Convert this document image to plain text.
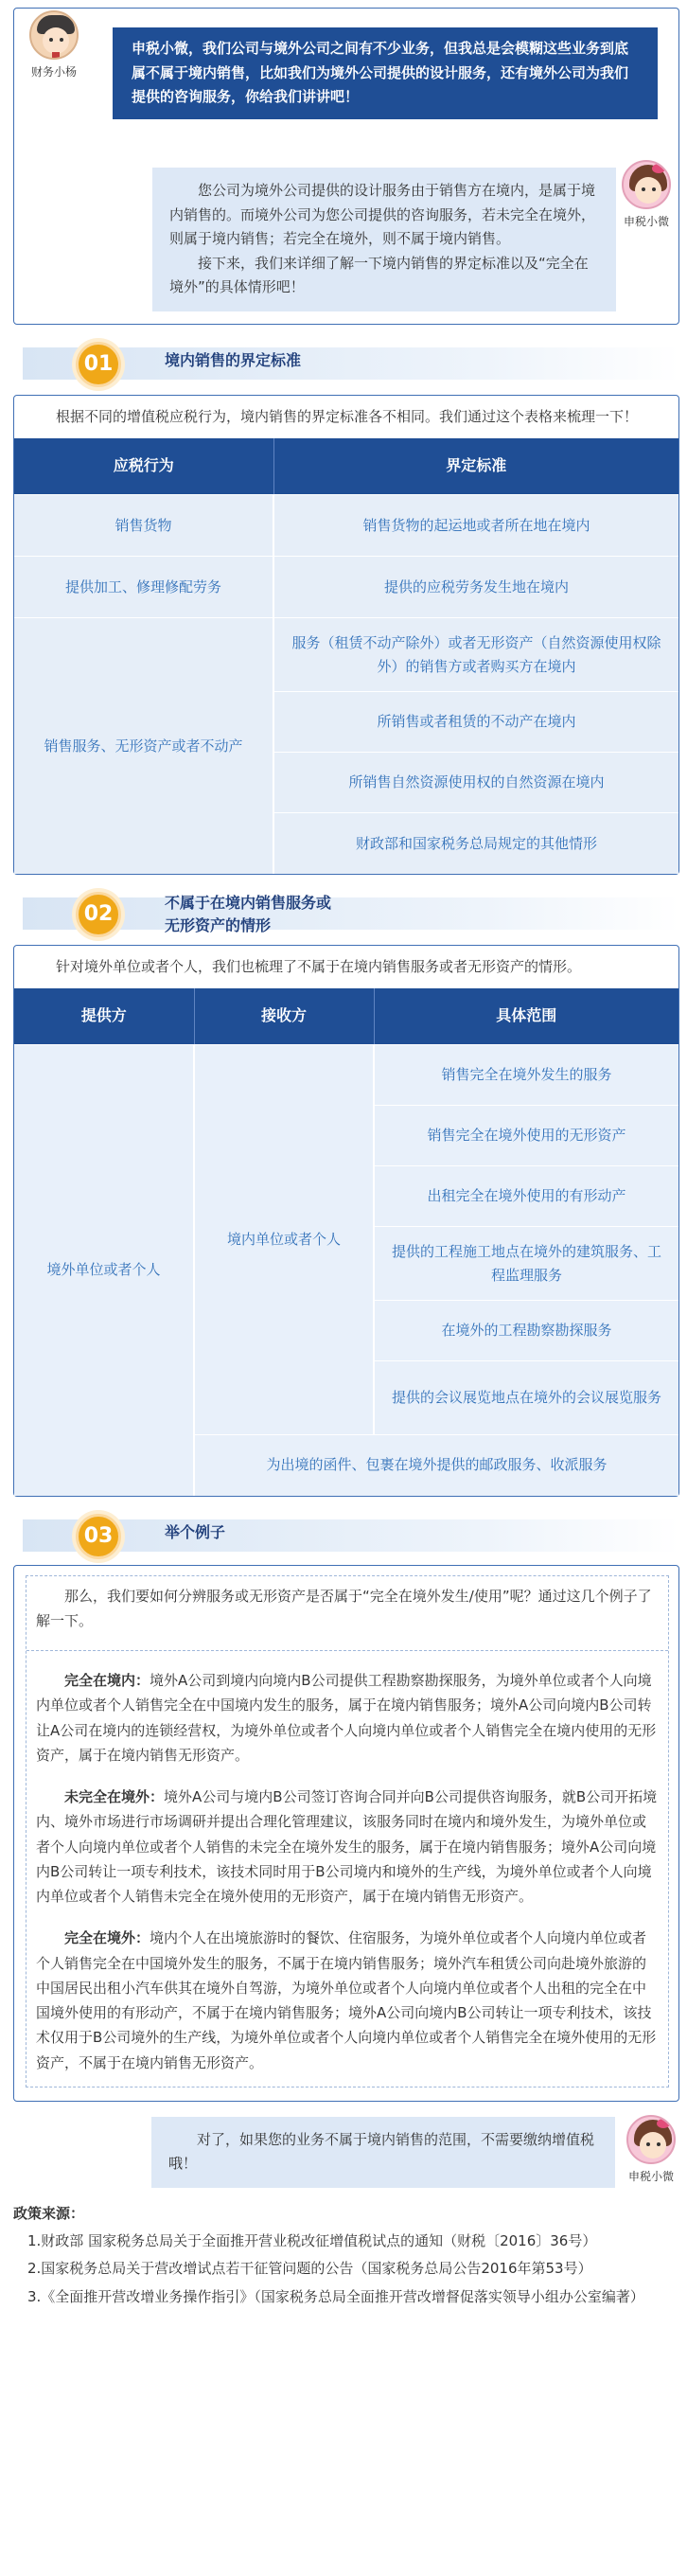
财务小杨
申税小微，我们公司与境外公司之间有不少业务，但我总是会模糊这些业务到底属不属于境内销售，比如我们为境外公司提供的设计服务，还有境外公司为我们提供的咨询服务，你给我们讲讲吧！
申税小微

您公司为境外公司提供的设计服务由于销售方在境内，是属于境内销售的。而境外公司为您公司提供的咨询服务，若未完全在境外，则属于境内销售；若完全在境外，则不属于境内销售。

接下来，我们来详细了解一下境内销售的界定标准以及“完全在境外”的具体情形吧！

01	境内销售的界定标准
根据不同的增值税应税行为，境内销售的界定标准各不相同。我们通过这个表格来梳理一下！
应税行为	界定标准
销售货物	销售货物的起运地或者所在地在境内
提供加工、修理修配劳务	提供的应税劳务发生地在境内
销售服务、无形资产或者不动产	服务（租赁不动产除外）或者无形资产（自然资源使用权除外）的销售方或者购买方在境内
	所销售或者租赁的不动产在境内
	所销售自然资源使用权的自然资源在境内
	财政部和国家税务总局规定的其他情形
02	不属于在境内销售服务或
无形资产的情形
针对境外单位或者个人，我们也梳理了不属于在境内销售服务或者无形资产的情形。
提供方	接收方	具体范围
境外单位或者个人	境内单位或者个人	销售完全在境外发生的服务
		销售完全在境外使用的无形资产
		出租完全在境外使用的有形动产
		提供的工程施工地点在境外的建筑服务、工程监理服务
		在境外的工程勘察勘探服务
		提供的会议展览地点在境外的会议展览服务
	为出境的函件、包裹在境外提供的邮政服务、收派服务	
03	举个例子

那么，我们要如何分辨服务或无形资产是否属于“完全在境外发生/使用”呢？通过这几个例子了解一下。

完全在境内：境外A公司到境内向境内B公司提供工程勘察勘探服务，为境外单位或者个人向境内单位或者个人销售完全在中国境内发生的服务，属于在境内销售服务；境外A公司向境内B公司转让A公司在境内的连锁经营权，为境外单位或者个人向境内单位或者个人销售完全在境内使用的无形资产，属于在境内销售无形资产。

未完全在境外：境外A公司与境内B公司签订咨询合同并向B公司提供咨询服务，就B公司开拓境内、境外市场进行市场调研并提出合理化管理建议，该服务同时在境内和境外发生，为境外单位或者个人向境内单位或者个人销售的未完全在境外发生的服务，属于在境内销售服务；境外A公司向境内B公司转让一项专利技术，该技术同时用于B公司境内和境外的生产线，为境外单位或者个人向境内单位或者个人销售未完全在境外使用的无形资产，属于在境内销售无形资产。

完全在境外：境内个人在出境旅游时的餐饮、住宿服务，为境外单位或者个人向境内单位或者个人销售完全在中国境外发生的服务，不属于在境内销售服务；境外汽车租赁公司向赴境外旅游的中国居民出租小汽车供其在境外自驾游，为境外单位或者个人向境内单位或者个人出租的完全在中国境外使用的有形动产，不属于在境内销售服务；境外A公司向境内B公司转让一项专利技术，该技术仅用于B公司境外的生产线，为境外单位或者个人向境内单位或者个人销售完全在境外使用的无形资产，不属于在境内销售无形资产。

对了，如果您的业务不属于境内销售的范围，不需要缴纳增值税哦！

申税小微
政策来源：

1.财政部 国家税务总局关于全面推开营业税改征增值税试点的通知（财税〔2016〕36号）

2.国家税务总局关于营改增试点若干征管问题的公告（国家税务总局公告2016年第53号）

3.《全面推开营改增业务操作指引》（国家税务总局全面推开营改增督促落实领导小组办公室编著）
